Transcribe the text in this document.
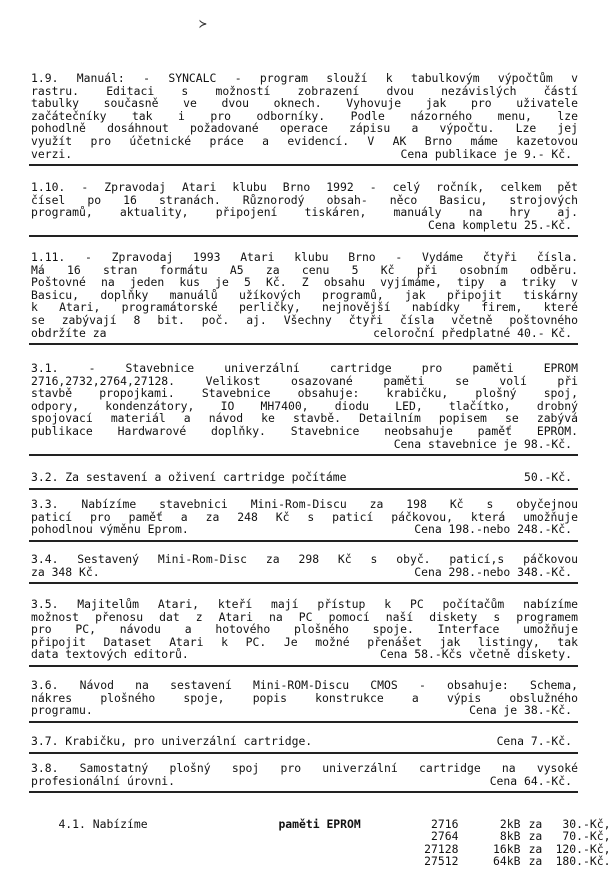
≻
1.9. Manuál: - SYNCALC - program slouží k tabulkovým výpočtům v
rastru. Editaci s možností zobrazení dvou nezávislých částí
tabulky současně ve dvou oknech. Vyhovuje jak pro uživatele
začátečníky tak i pro odborníky. Podle názorného menu, lze
pohodlně dosáhnout požadované operace zápisu a výpočtu. Lze jej
využít pro účetnické práce a evidencí. V AK Brno máme kazetovou
Cena publikace je 9.- Kč.
verzi.
1.10. - Zpravodaj Atari klubu Brno 1992 - celý ročník, celkem pět
čísel po 16 stranách. Různorodý obsah- něco Basicu, strojových
programů, aktuality, připojení tiskáren, manuály na hry aj.
Cena kompletu 25.-Kč.
1.11. - Zpravodaj 1993 Atari klubu Brno - Vydáme čtyři čísla.
Má 16 stran formátu A5 za cenu 5 Kč při osobním odběru.
Poštovné na jeden kus je 5 Kč. Z obsahu vyjímáme, tipy a triky v
Basicu, doplňky manuálů užíkových programů, jak připojit tiskárny
k Atari, programátorské perličky, nejnovější nabídky firem, které
se zabývají 8 bit. poč. aj. Všechny čtyři čísla včetně poštovného
celoroční předplatné 40.- Kč.
obdržíte za
3.1. - Stavebnice univerzální cartridge pro paměti EPROM
2716,2732,2764,27128. Velikost osazované paměti se volí při
stavbě propojkami. Stavebnice obsahuje: krabičku, plošný spoj,
odpory, kondenzátory, IO MH7400, diodu LED, tlačítko, drobný
spojovací materiál a návod ke stavbě. Detailním popisem se zabývá
publikace Hardwarové doplňky. Stavebnice neobsahuje paměť EPROM.
Cena stavebnice je 98.-Kč.
50.-Kč.
3.2. Za sestavení a oživení cartridge počítáme
3.3. Nabízíme stavebnici Mini-Rom-Discu za 198 Kč s obyčejnou
paticí pro paměť a za 248 Kč s paticí páčkovou, která umožňuje
Cena 198.-nebo 248.-Kč.
pohodlnou výměnu Eprom.
3.4. Sestavený Mini-Rom-Disc za 298 Kč s obyč. paticí,s páčkovou
Cena 298.-nebo 348.-Kč.
za 348 Kč.
3.5. Majitelům Atari, kteří mají přístup k PC počítačům nabízíme
možnost přenosu dat z Atari na PC pomocí naší diskety s programem
pro PC, návodu a hotového plošného spoje. Interface umožňuje
připojit Dataset Atari k PC. Je možné přenášet jak listingy, tak
Cena 58.-Kčs včetně diskety.
data textových editorů.
3.6. Návod na sestavení Mini-ROM-Discu CMOS - obsahuje: Schema,
nákres plošného spoje, popis konstrukce a výpis obslužného
Cena je 38.-Kč.
programu.
Cena 7.-Kč.
3.7. Krabičku, pro univerzální cartridge.
3.8. Samostatný plošný spoj pro univerzální cartridge na vysoké
Cena 64.-Kč.
profesionální úrovni.

4.1. Nabízíme	paměti EPROM	2716	2kB za 30.-Kč,

2764	8kB za 70.-Kč,

27128	16kB za 120.-Kč,

27512	64kB za 180.-Kč.
